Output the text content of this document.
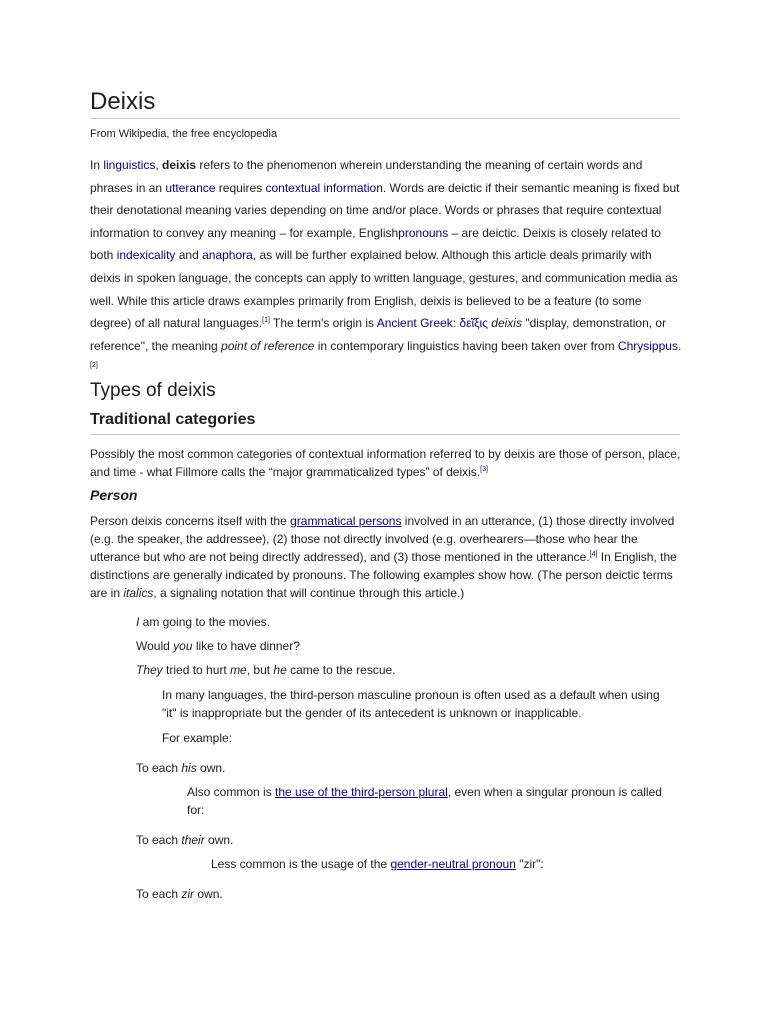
Deixis
From Wikipedia, the free encyclopedia

In linguistics, deixis refers to the phenomenon wherein understanding the meaning of certain words and phrases in an utterance requires contextual information. Words are deictic if their semantic meaning is fixed but their denotational meaning varies depending on time and/or place. Words or phrases that require contextual information to convey any meaning – for example, Englishpronouns – are deictic. Deixis is closely related to both indexicality and anaphora, as will be further explained below. Although this article deals primarily with deixis in spoken language, the concepts can apply to written language, gestures, and communication media as well. While this article draws examples primarily from English, deixis is believed to be a feature (to some degree) of all natural languages.[1] The term's origin is Ancient Greek: δεῖξις deixis "display, demonstration, or reference", the meaning point of reference in contemporary linguistics having been taken over from Chrysippus.[2]

Types of deixis
Traditional categories

Possibly the most common categories of contextual information referred to by deixis are those of person, place, and time - what Fillmore calls the “major grammaticalized types” of deixis.[3]

Person

Person deixis concerns itself with the grammatical persons involved in an utterance, (1) those directly involved (e.g. the speaker, the addressee), (2) those not directly involved (e.g. overhearers—those who hear the utterance but who are not being directly addressed), and (3) those mentioned in the utterance.[4] In English, the distinctions are generally indicated by pronouns. The following examples show how. (The person deictic terms are in italics, a signaling notation that will continue through this article.)

I am going to the movies.

Would you like to have dinner?

They tried to hurt me, but he came to the rescue.

In many languages, the third-person masculine pronoun is often used as a default when using "it" is inappropriate but the gender of its antecedent is unknown or inapplicable.

For example:

To each his own.

Also common is the use of the third-person plural, even when a singular pronoun is called for:

To each their own.

Less common is the usage of the gender-neutral pronoun "zir":

To each zir own.
